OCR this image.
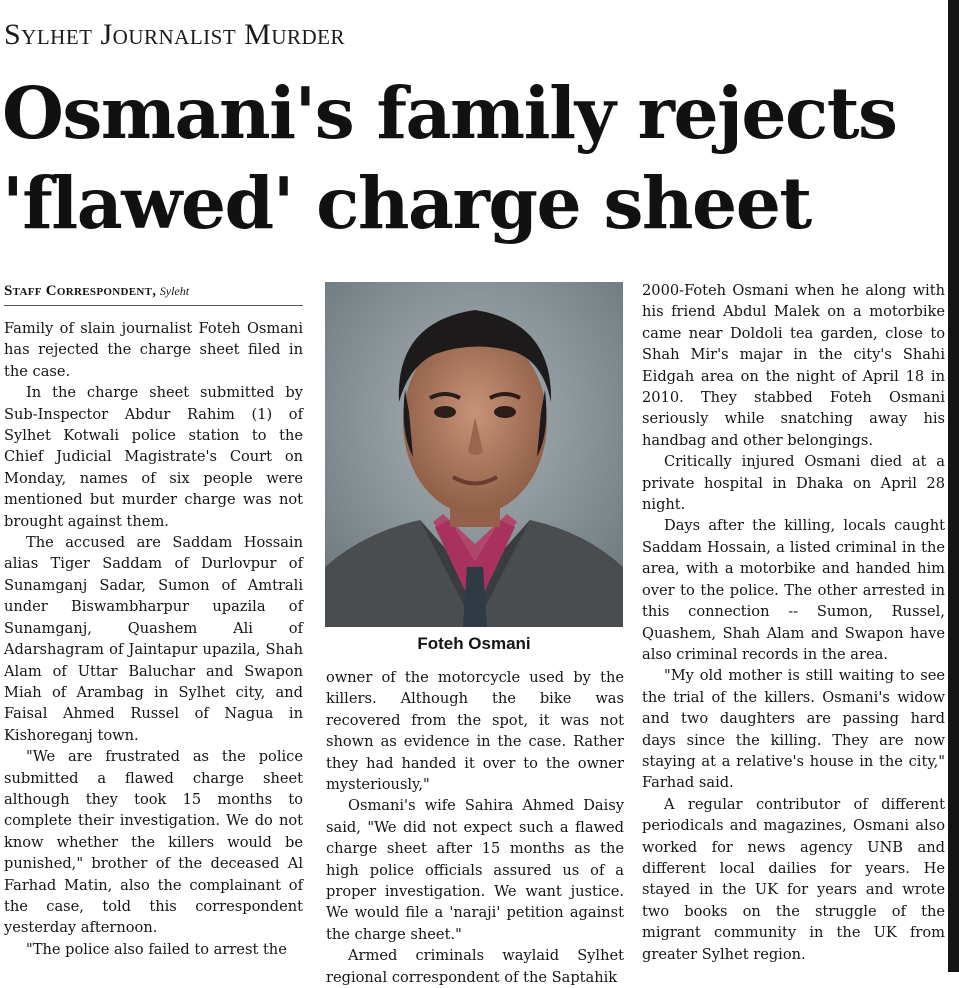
Sylhet Journalist Murder
Osmani's family rejects
'flawed' charge sheet
Staff Correspondent, Syleht

Family of slain journalist Foteh Osmani has rejected the charge sheet filed in the case.

In the charge sheet submitted by Sub-Inspector Abdur Rahim (1) of Sylhet Kotwali police station to the Chief Judicial Magistrate's Court on Monday, names of six people were mentioned but murder charge was not brought against them.

The accused are Saddam Hossain alias Tiger Saddam of Durlovpur of Sunamganj Sadar, Sumon of Amtrali under Biswambharpur upazila of Sunamganj, Quashem Ali of Adarshagram of Jaintapur upazila, Shah Alam of Uttar Baluchar and Swapon Miah of Arambag in Sylhet city, and Faisal Ahmed Russel of Nagua in Kishoreganj town.

"We are frustrated as the police submitted a flawed charge sheet although they took 15 months to complete their investigation. We do not know whether the killers would be punished," brother of the deceased Al Farhad Matin, also the complainant of the case, told this correspondent yesterday afternoon.

"The police also failed to arrest the

Foteh Osmani

owner of the motorcycle used by the killers. Although the bike was recovered from the spot, it was not shown as evidence in the case. Rather they had handed it over to the owner mysteriously,"

Osmani's wife Sahira Ahmed Daisy said, "We did not expect such a flawed charge sheet after 15 months as the high police officials assured us of a proper investigation. We want justice. We would file a 'naraji' petition against the charge sheet."

Armed criminals waylaid Sylhet regional correspondent of the Saptahik

2000-Foteh Osmani when he along with his friend Abdul Malek on a motorbike came near Doldoli tea garden, close to Shah Mir's majar in the city's Shahi Eidgah area on the night of April 18 in 2010. They stabbed Foteh Osmani seriously while snatching away his handbag and other belongings.

Critically injured Osmani died at a private hospital in Dhaka on April 28 night.

Days after the killing, locals caught Saddam Hossain, a listed criminal in the area, with a motorbike and handed him over to the police. The other arrested in this connection -- Sumon, Russel, Quashem, Shah Alam and Swapon have also criminal records in the area.

"My old mother is still waiting to see the trial of the killers. Osmani's widow and two daughters are passing hard days since the killing. They are now staying at a relative's house in the city," Farhad said.

A regular contributor of different periodicals and magazines, Osmani also worked for news agency UNB and different local dailies for years. He stayed in the UK for years and wrote two books on the struggle of the migrant community in the UK from greater Sylhet region.
